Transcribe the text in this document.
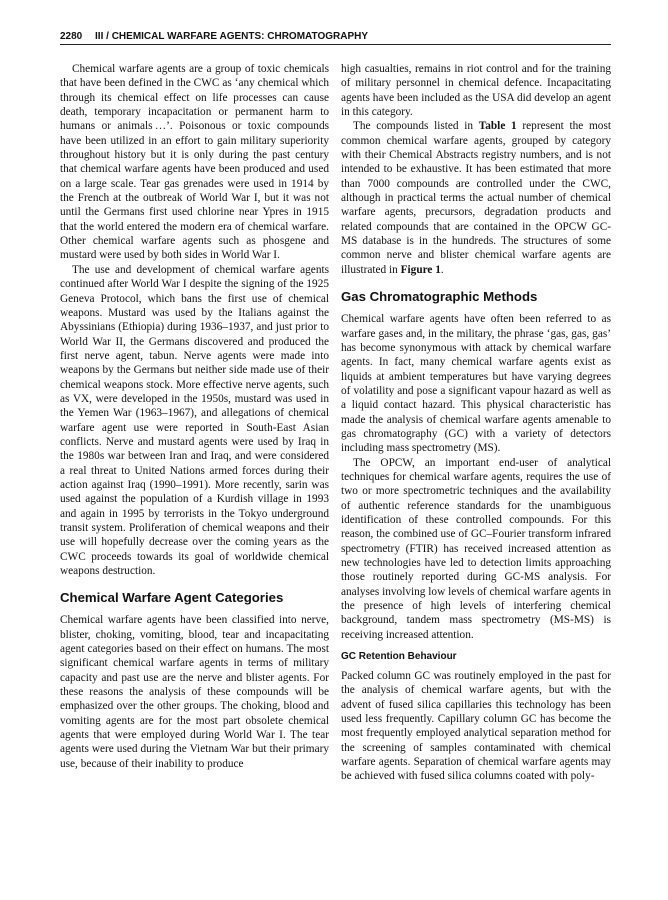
2280 III / CHEMICAL WARFARE AGENTS: CHROMATOGRAPHY

Chemical warfare agents are a group of toxic chemicals that have been defined in the CWC as ‘any chemical which through its chemical effect on life processes can cause death, temporary incapacitation or permanent harm to humans or animals …’. Poisonous or toxic compounds have been utilized in an effort to gain military superiority throughout history but it is only during the past century that chemical warfare agents have been produced and used on a large scale. Tear gas grenades were used in 1914 by the French at the outbreak of World War I, but it was not until the Germans first used chlorine near Ypres in 1915 that the world entered the modern era of chemical warfare. Other chemical warfare agents such as phosgene and mustard were used by both sides in World War I.

The use and development of chemical warfare agents continued after World War I despite the signing of the 1925 Geneva Protocol, which bans the first use of chemical weapons. Mustard was used by the Italians against the Abyssinians (Ethiopia) during 1936–1937, and just prior to World War II, the Germans discovered and produced the first nerve agent, tabun. Nerve agents were made into weapons by the Germans but neither side made use of their chemical weapons stock. More effective nerve agents, such as VX, were developed in the 1950s, mustard was used in the Yemen War (1963–1967), and allegations of chemical warfare agent use were reported in South-East Asian conflicts. Nerve and mustard agents were used by Iraq in the 1980s war between Iran and Iraq, and were considered a real threat to United Nations armed forces during their action against Iraq (1990–1991). More recently, sarin was used against the population of a Kurdish village in 1993 and again in 1995 by terrorists in the Tokyo underground transit system. Proliferation of chemical weapons and their use will hopefully decrease over the coming years as the CWC proceeds towards its goal of worldwide chemical weapons destruction.

Chemical Warfare Agent Categories

Chemical warfare agents have been classified into nerve, blister, choking, vomiting, blood, tear and incapacitating agent categories based on their effect on humans. The most significant chemical warfare agents in terms of military capacity and past use are the nerve and blister agents. For these reasons the analysis of these compounds will be emphasized over the other groups. The choking, blood and vomiting agents are for the most part obsolete chemical agents that were employed during World War I. The tear agents were used during the Vietnam War but their primary use, because of their inability to produce

high casualties, remains in riot control and for the training of military personnel in chemical defence. Incapacitating agents have been included as the USA did develop an agent in this category.

The compounds listed in Table 1 represent the most common chemical warfare agents, grouped by category with their Chemical Abstracts registry numbers, and is not intended to be exhaustive. It has been estimated that more than 7000 compounds are controlled under the CWC, although in practical terms the actual number of chemical warfare agents, precursors, degradation products and related compounds that are contained in the OPCW GC-MS database is in the hundreds. The structures of some common nerve and blister chemical warfare agents are illustrated in Figure 1.

Gas Chromatographic Methods

Chemical warfare agents have often been referred to as warfare gases and, in the military, the phrase ‘gas, gas, gas’ has become synonymous with attack by chemical warfare agents. In fact, many chemical warfare agents exist as liquids at ambient temperatures but have varying degrees of volatility and pose a significant vapour hazard as well as a liquid contact hazard. This physical characteristic has made the analysis of chemical warfare agents amenable to gas chromatography (GC) with a variety of detectors including mass spectrometry (MS).

The OPCW, an important end-user of analytical techniques for chemical warfare agents, requires the use of two or more spectrometric techniques and the availability of authentic reference standards for the unambiguous identification of these controlled compounds. For this reason, the combined use of GC–Fourier transform infrared spectrometry (FTIR) has received increased attention as new technologies have led to detection limits approaching those routinely reported during GC-MS analysis. For analyses involving low levels of chemical warfare agents in the presence of high levels of interfering chemical background, tandem mass spectrometry (MS-MS) is receiving increased attention.

GC Retention Behaviour

Packed column GC was routinely employed in the past for the analysis of chemical warfare agents, but with the advent of fused silica capillaries this technology has been used less frequently. Capillary column GC has become the most frequently employed analytical separation method for the screening of samples contaminated with chemical warfare agents. Separation of chemical warfare agents may be achieved with fused silica columns coated with poly-
